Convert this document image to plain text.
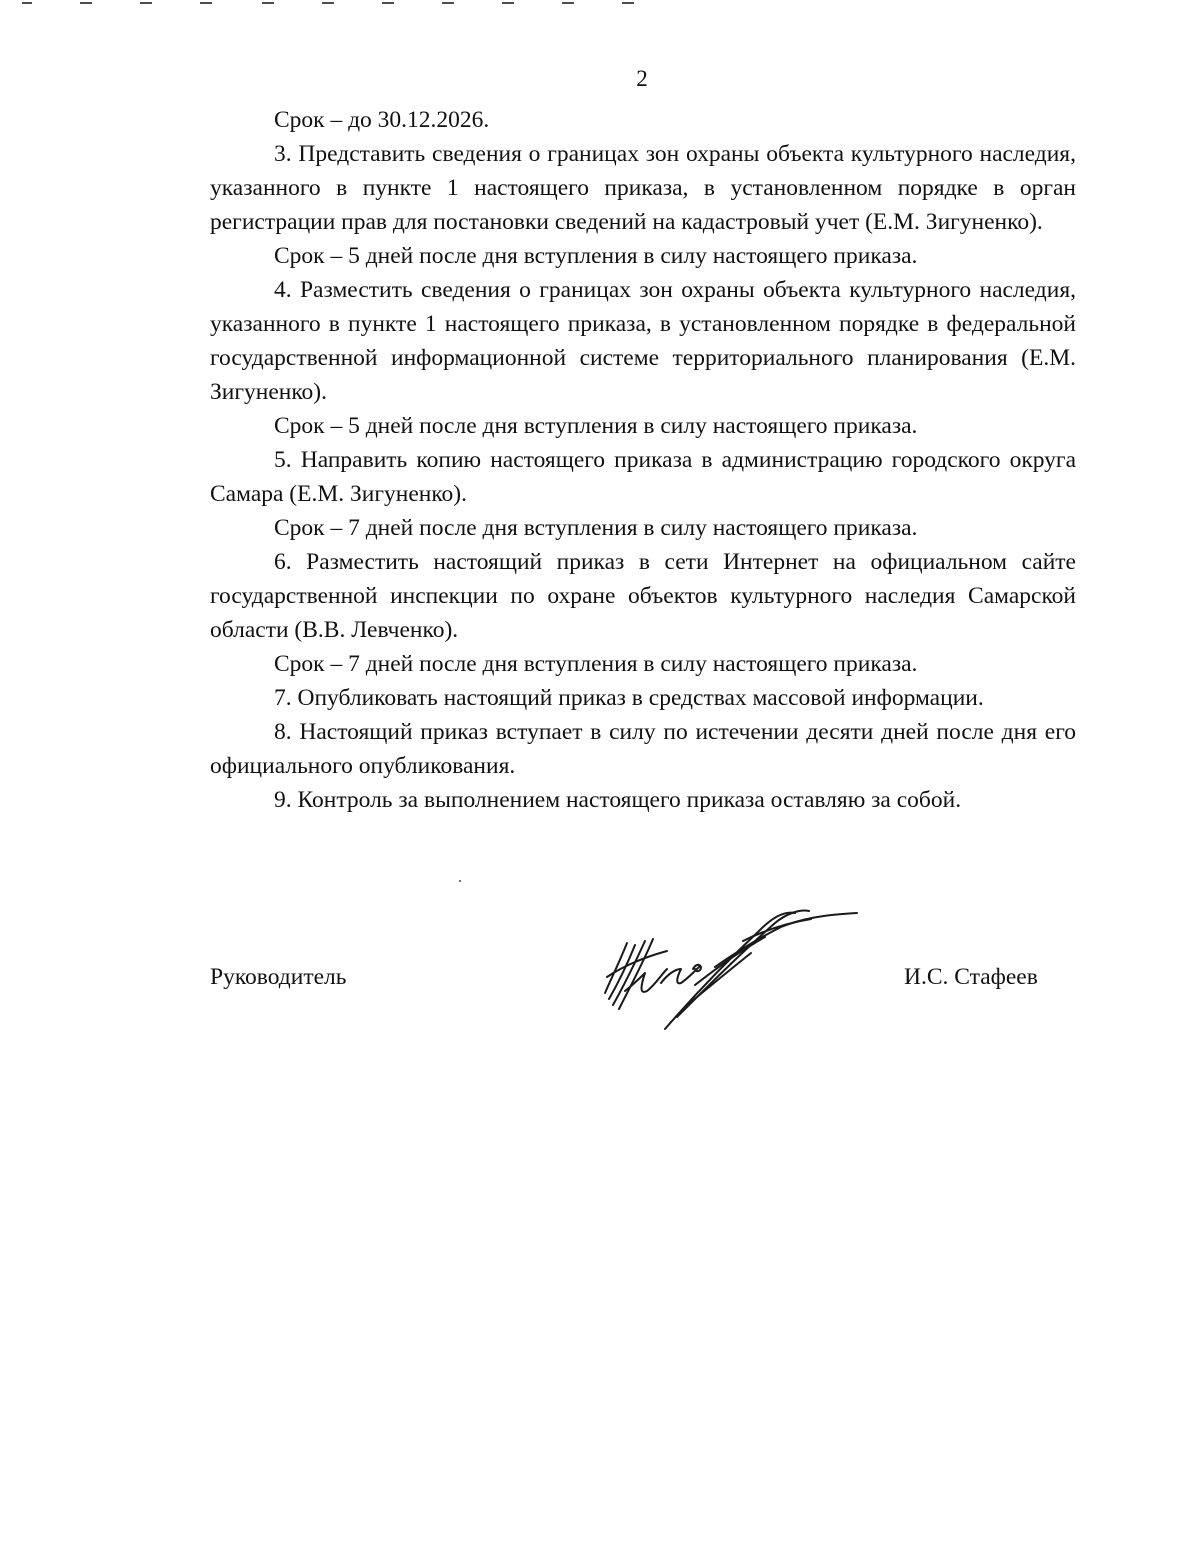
2

Срок – до 30.12.2026.

3. Представить сведения о границах зон охраны объекта культурного наследия, указанного в пункте 1 настоящего приказа, в установленном порядке в орган регистрации прав для постановки сведений на кадастровый учет (Е.М. Зигуненко).

Срок – 5 дней после дня вступления в силу настоящего приказа.

4. Разместить сведения о границах зон охраны объекта культурного наследия, указанного в пункте 1 настоящего приказа, в установленном порядке в федеральной государственной информационной системе территориального планирования (Е.М. Зигуненко).

Срок – 5 дней после дня вступления в силу настоящего приказа.

5. Направить копию настоящего приказа в администрацию городского округа Самара (Е.М. Зигуненко).

Срок – 7 дней после дня вступления в силу настоящего приказа.

6. Разместить настоящий приказ в сети Интернет на официальном сайте государственной инспекции по охране объектов культурного наследия Самарской области (В.В. Левченко).

Срок – 7 дней после дня вступления в силу настоящего приказа.

7. Опубликовать настоящий приказ в средствах массовой информации.

8. Настоящий приказ вступает в силу по истечении десяти дней после дня его официального опубликования.

9. Контроль за выполнением настоящего приказа оставляю за собой.

Руководитель	И.С. Стафеев
